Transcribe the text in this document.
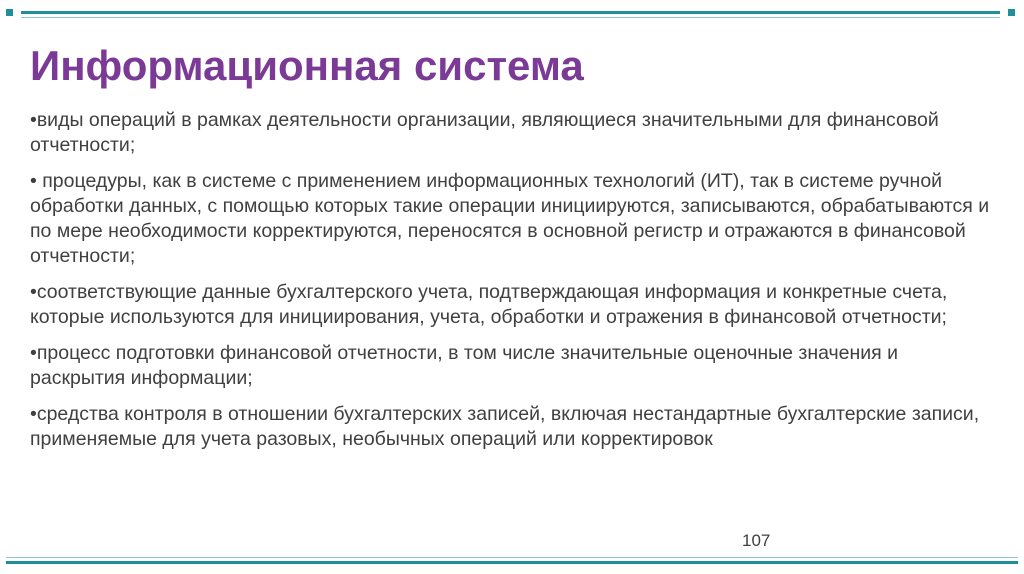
Информационная система

•виды операций в рамках деятельности организации, являющиеся значительными для финансовой отчетности;

• процедуры, как в системе с применением информационных технологий (ИТ), так в системе ручной обработки данных, с помощью которых такие операции инициируются, записываются, обрабатываются и по мере необходимости корректируются, переносятся в основной регистр и отражаются в финансовой отчетности;

•соответствующие данные бухгалтерского учета, подтверждающая информация и конкретные счета, которые используются для инициирования, учета, обработки и отражения в финансовой отчетности;

•процесс подготовки финансовой отчетности, в том числе значительные оценочные значения и раскрытия информации;

•средства контроля в отношении бухгалтерских записей, включая нестандартные бухгалтерские записи, применяемые для учета разовых, необычных операций или корректировок

107
